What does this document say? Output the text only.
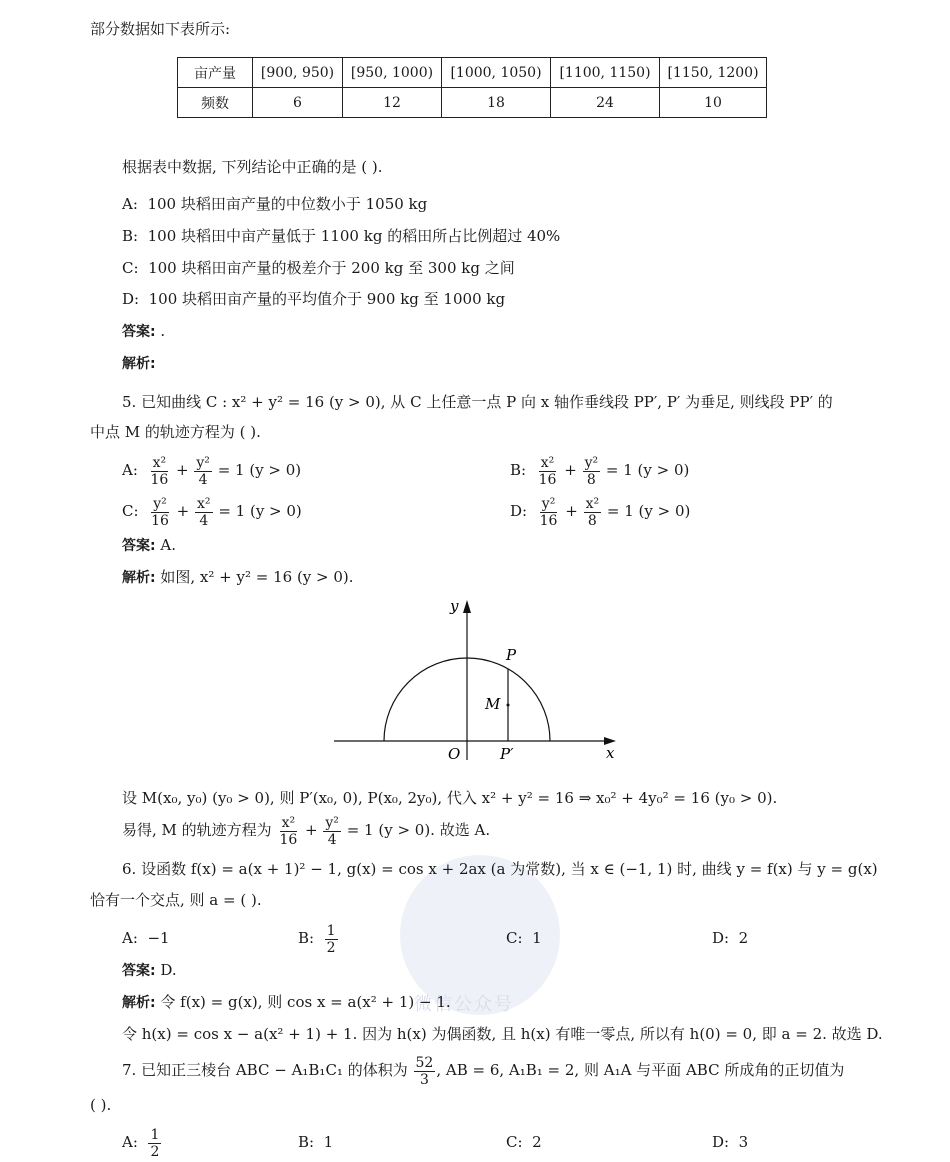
微信公众号
部分数据如下表所示:
亩产量	[900, 950)	[950, 1000)	[1000, 1050)	[1100, 1150)	[1150, 1200)
频数	6	12	18	24	10
根据表中数据, 下列结论中正确的是 ( ).
A: 100 块稻田亩产量的中位数小于 1050 kg
B: 100 块稻田中亩产量低于 1100 kg 的稻田所占比例超过 40%
C: 100 块稻田亩产量的极差介于 200 kg 至 300 kg 之间
D: 100 块稻田亩产量的平均值介于 900 kg 至 1000 kg
答案: .
解析:
5. 已知曲线 C : x² + y² = 16 (y > 0), 从 C 上任意一点 P 向 x 轴作垂线段 PP′, P′ 为垂足, 则线段 PP′ 的
中点 M 的轨迹方程为 ( ).
A: $\frac{\text{x²}}{16} + \frac{\text{y²}}{4} = 1$ (y > 0)	B: $\frac{\text{x²}}{16} + \frac{\text{y²}}{8} = 1$ (y > 0)
C: $\frac{\text{y²}}{16} + \frac{\text{x²}}{4} = 1$ (y > 0)	D: $\frac{\text{y²}}{16} + \frac{\text{x²}}{8} = 1$ (y > 0)
答案: A.
解析: 如图, x² + y² = 16 (y > 0).
y
x
O
P
M
P′
设 M(x₀, y₀) (y₀ > 0), 则 P′(x₀, 0), P(x₀, 2y₀), 代入 x² + y² = 16 ⇒ x₀² + 4y₀² = 16 (y₀ > 0).
易得, M 的轨迹方程为 $\frac{\text{x²}}{16} + \frac{\text{y²}}{4} = 1$ (y > 0). 故选 A.
6. 设函数 f(x) = a(x + 1)² − 1, g(x) = cos x + 2ax (a 为常数), 当 x ∈ (−1, 1) 时, 曲线 y = f(x) 与 y = g(x)
恰有一个交点, 则 a = ( ).
A: −1	B: $\frac{1}{2}$	C: 1	D: 2
答案: D.
解析: 令 f(x) = g(x), 则 cos x = a(x² + 1) − 1.
令 h(x) = cos x − a(x² + 1) + 1. 因为 h(x) 为偶函数, 且 h(x) 有唯一零点, 所以有 h(0) = 0, 即 a = 2. 故选 D.
7. 已知正三棱台 ABC − A₁B₁C₁ 的体积为 $\frac{52}{3}$ , AB = 6, A₁B₁ = 2, 则 A₁A 与平面 ABC 所成角的正切值为
( ).
A: $\frac{1}{2}$	B: 1	C: 2	D: 3
